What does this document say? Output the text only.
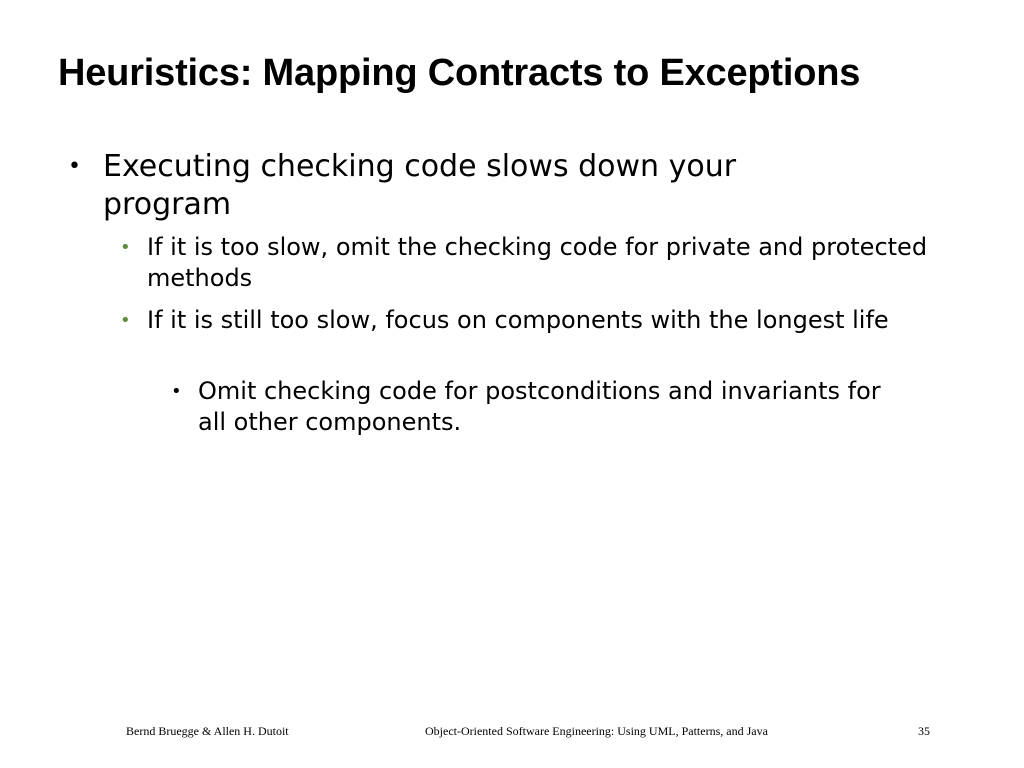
Heuristics: Mapping Contracts to Exceptions
• Executing checking code slows down your program
• If it is too slow, omit the checking code for private and protected methods
• If it is still too slow, focus on components with the longest life
• Omit checking code for postconditions and invariants for all other components.
Bernd Bruegge & Allen H. Dutoit	Object-Oriented Software Engineering: Using UML, Patterns, and Java	35
